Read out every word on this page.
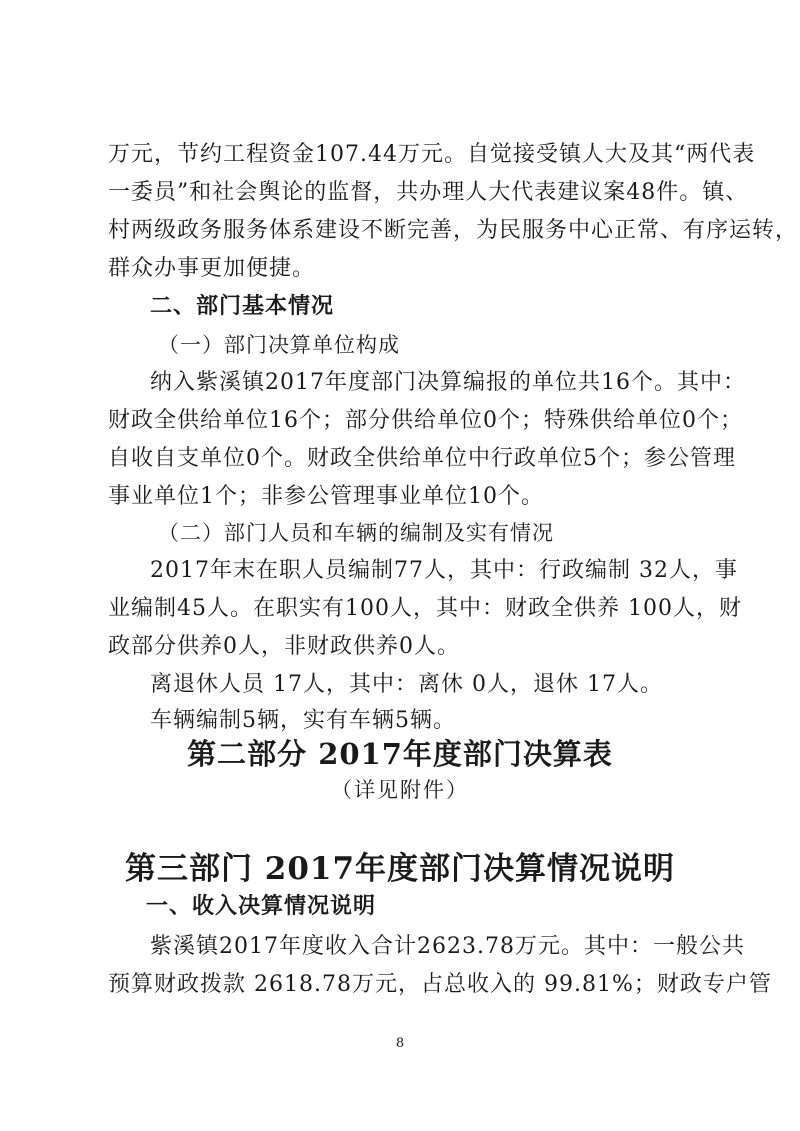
万元，节约工程资金107.44万元。自觉接受镇人大及其“两代表
一委员”和社会舆论的监督，共办理人大代表建议案48件。镇、
村两级政务服务体系建设不断完善，为民服务中心正常、有序运转，
群众办事更加便捷。
二、部门基本情况
（一）部门决算单位构成
纳入紫溪镇2017年度部门决算编报的单位共16个。其中：
财政全供给单位16个；部分供给单位0个；特殊供给单位0个；
自收自支单位0个。财政全供给单位中行政单位5个；参公管理
事业单位1个；非参公管理事业单位10个。
（二）部门人员和车辆的编制及实有情况
2017年末在职人员编制77人，其中：行政编制 32人，事
业编制45人。在职实有100人，其中：财政全供养 100人，财
政部分供养0人，非财政供养0人。
离退休人员 17人，其中：离休 0人，退休 17人。
车辆编制5辆，实有车辆5辆。
第二部分 2017年度部门决算表
（详见附件）
第三部门 2017年度部门决算情况说明
一、收入决算情况说明
紫溪镇2017年度收入合计2623.78万元。其中：一般公共
预算财政拨款 2618.78万元，占总收入的 99.81%；财政专户管
8
